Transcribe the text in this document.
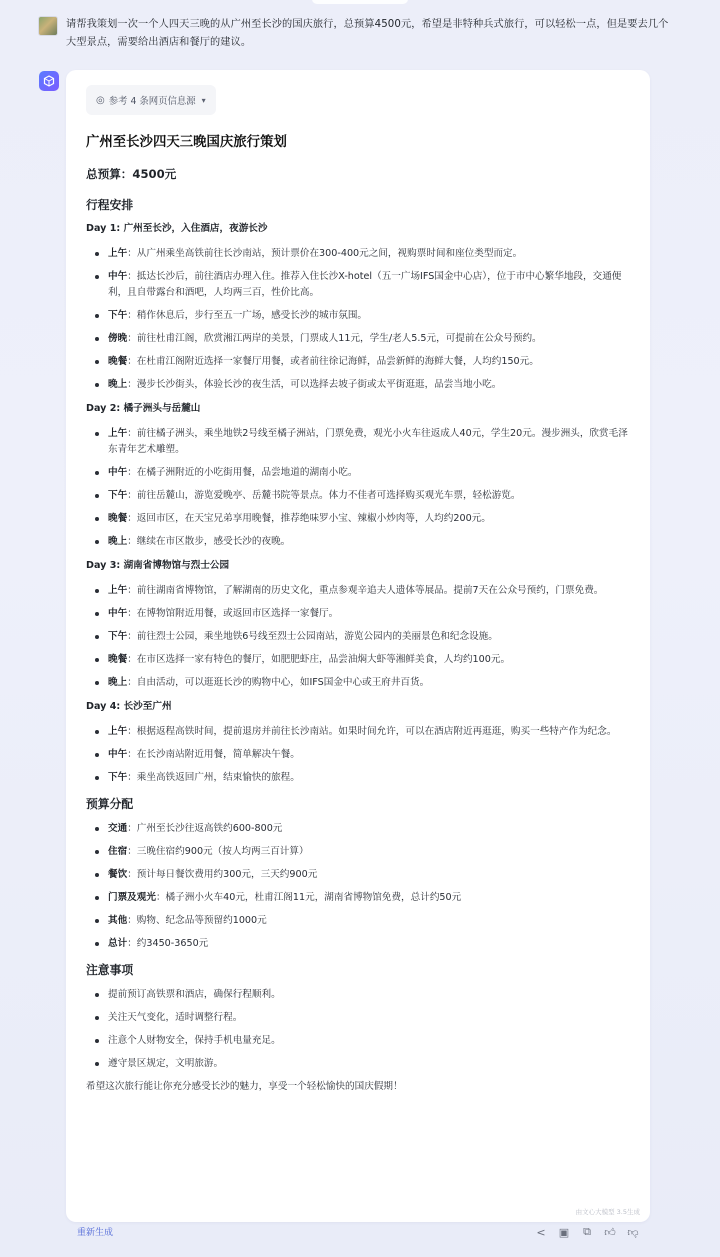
请帮我策划一次一个人四天三晚的从广州至长沙的国庆旅行，总预算4500元，希望是非特种兵式旅行，可以轻松一点，但是要去几个大型景点，需要给出酒店和餐厅的建议。
◎ 参考 4 条网页信息源 ▾
广州至长沙四天三晚国庆旅行策划
总预算：4500元
行程安排
Day 1: 广州至长沙，入住酒店，夜游长沙
上午：从广州乘坐高铁前往长沙南站，预计票价在300-400元之间，视购票时间和座位类型而定。
中午：抵达长沙后，前往酒店办理入住。推荐入住长沙X-hotel（五一广场IFS国金中心店），位于市中心繁华地段，交通便利，且自带露台和酒吧，人均两三百，性价比高。
下午：稍作休息后，步行至五一广场，感受长沙的城市氛围。
傍晚：前往杜甫江阁，欣赏湘江两岸的美景，门票成人11元，学生/老人5.5元，可提前在公众号预约。
晚餐：在杜甫江阁附近选择一家餐厅用餐，或者前往徐记海鲜，品尝新鲜的海鲜大餐，人均约150元。
晚上：漫步长沙街头，体验长沙的夜生活，可以选择去坡子街或太平街逛逛，品尝当地小吃。
Day 2: 橘子洲头与岳麓山
上午：前往橘子洲头，乘坐地铁2号线至橘子洲站，门票免费，观光小火车往返成人40元，学生20元。漫步洲头，欣赏毛泽东青年艺术雕塑。
中午：在橘子洲附近的小吃街用餐，品尝地道的湖南小吃。
下午：前往岳麓山，游览爱晚亭、岳麓书院等景点。体力不佳者可选择购买观光车票，轻松游览。
晚餐：返回市区，在天宝兄弟享用晚餐，推荐绝味罗小宝、辣椒小炒肉等，人均约200元。
晚上：继续在市区散步，感受长沙的夜晚。
Day 3: 湖南省博物馆与烈士公园
上午：前往湖南省博物馆，了解湖南的历史文化，重点参观辛追夫人遗体等展品。提前7天在公众号预约，门票免费。
中午：在博物馆附近用餐，或返回市区选择一家餐厅。
下午：前往烈士公园，乘坐地铁6号线至烈士公园南站，游览公园内的美丽景色和纪念设施。
晚餐：在市区选择一家有特色的餐厅，如肥肥虾庄，品尝油焖大虾等湘鲜美食，人均约100元。
晚上：自由活动，可以逛逛长沙的购物中心，如IFS国金中心或王府井百货。
Day 4: 长沙至广州
上午：根据返程高铁时间，提前退房并前往长沙南站。如果时间允许，可以在酒店附近再逛逛，购买一些特产作为纪念。
中午：在长沙南站附近用餐，简单解决午餐。
下午：乘坐高铁返回广州，结束愉快的旅程。
预算分配
交通：广州至长沙往返高铁约600-800元
住宿：三晚住宿约900元（按人均两三百计算）
餐饮：预计每日餐饮费用约300元，三天约900元
门票及观光：橘子洲小火车40元，杜甫江阁11元，湖南省博物馆免费，总计约50元
其他：购物、纪念品等预留约1000元
总计：约3450-3650元
注意事项
提前预订高铁票和酒店，确保行程顺利。
关注天气变化，适时调整行程。
注意个人财物安全，保持手机电量充足。
遵守景区规定，文明旅游。
希望这次旅行能让你充分感受长沙的魅力，享受一个轻松愉快的国庆假期！
由文心大模型 3.5生成
重新生成	<	▣	⧉	👍︎	👎︎
